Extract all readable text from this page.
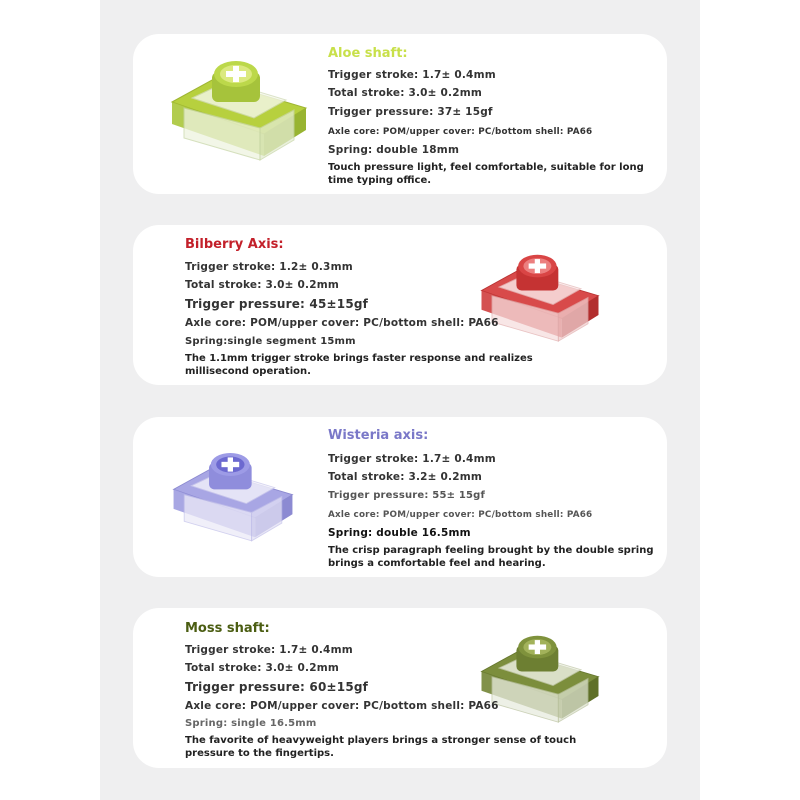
Aloe shaft:
Trigger stroke: 1.7± 0.4mm
Total stroke: 3.0± 0.2mm
Trigger pressure: 37± 15gf
Axle core: POM/upper cover: PC/bottom shell: PA66
Spring: double 18mm
Touch pressure light, feel comfortable, suitable for long time typing office.
Bilberry Axis:
Trigger stroke: 1.2± 0.3mm
Total stroke: 3.0± 0.2mm
Trigger pressure: 45±15gf
Axle core: POM/upper cover: PC/bottom shell: PA66
Spring:single segment 15mm
The 1.1mm trigger stroke brings faster response and realizes millisecond operation.
Wisteria axis:
Trigger stroke: 1.7± 0.4mm
Total stroke: 3.2± 0.2mm
Trigger pressure: 55± 15gf
Axle core: POM/upper cover: PC/bottom shell: PA66
Spring: double 16.5mm
The crisp paragraph feeling brought by the double spring brings a comfortable feel and hearing.
Moss shaft:
Trigger stroke: 1.7± 0.4mm
Total stroke: 3.0± 0.2mm
Trigger pressure: 60±15gf
Axle core: POM/upper cover: PC/bottom shell: PA66
Spring: single 16.5mm
The favorite of heavyweight players brings a stronger sense of touch pressure to the fingertips.
